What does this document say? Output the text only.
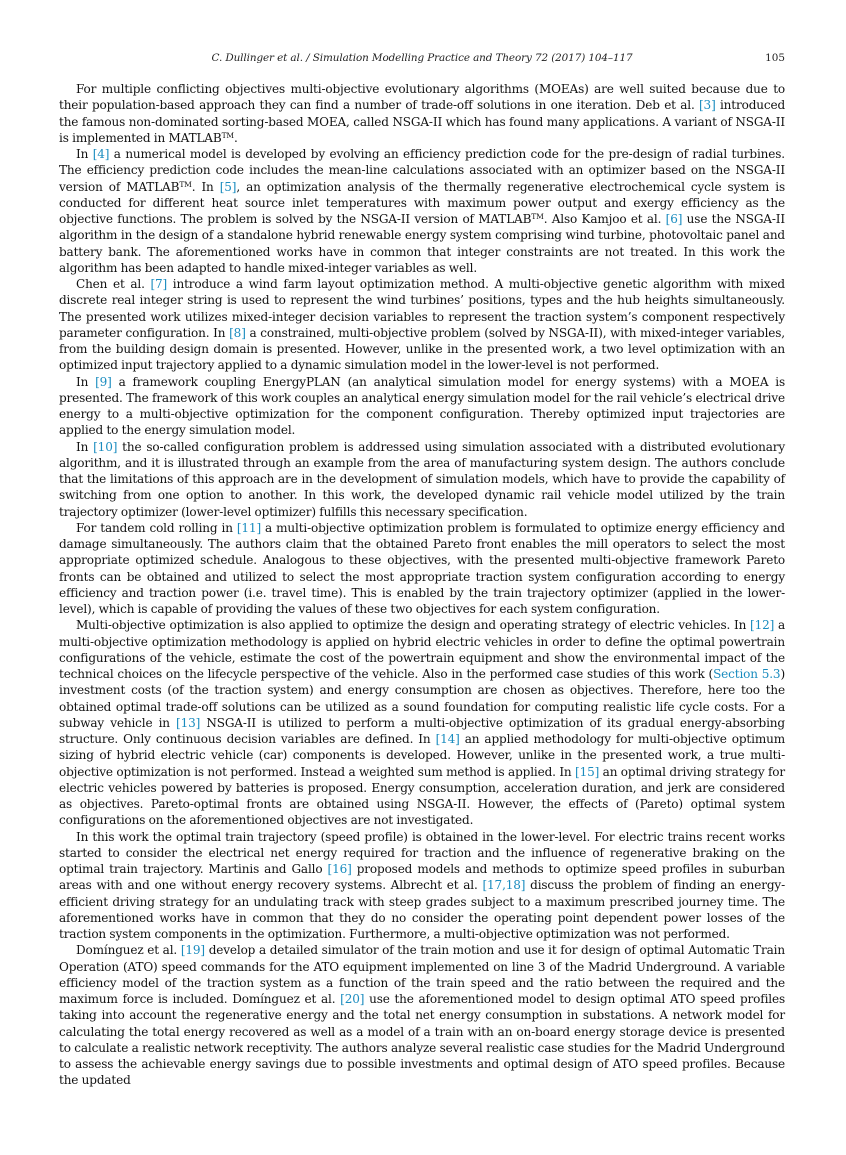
C. Dullinger et al. / Simulation Modelling Practice and Theory 72 (2017) 104–117	105

For multiple conflicting objectives multi-objective evolutionary algorithms (MOEAs) are well suited because due to their population-based approach they can find a number of trade-off solutions in one iteration. Deb et al. [3] introduced the famous non-dominated sorting-based MOEA, called NSGA-II which has found many applications. A variant of NSGA-II is implemented in MATLAB™.

In [4] a numerical model is developed by evolving an efficiency prediction code for the pre-design of radial turbines. The efficiency prediction code includes the mean-line calculations associated with an optimizer based on the NSGA-II version of MATLAB™. In [5], an optimization analysis of the thermally regenerative electrochemical cycle system is conducted for different heat source inlet temperatures with maximum power output and exergy efficiency as the objective functions. The problem is solved by the NSGA-II version of MATLAB™. Also Kamjoo et al. [6] use the NSGA-II algorithm in the design of a standalone hybrid renewable energy system comprising wind turbine, photovoltaic panel and battery bank. The aforementioned works have in common that integer constraints are not treated. In this work the algorithm has been adapted to handle mixed-integer variables as well.

Chen et al. [7] introduce a wind farm layout optimization method. A multi-objective genetic algorithm with mixed discrete real integer string is used to represent the wind turbines’ positions, types and the hub heights simultaneously. The presented work utilizes mixed-integer decision variables to represent the traction system’s component respectively parameter configuration. In [8] a constrained, multi-objective problem (solved by NSGA-II), with mixed-integer variables, from the building design domain is presented. However, unlike in the presented work, a two level optimization with an optimized input trajectory applied to a dynamic simulation model in the lower-level is not performed.

In [9] a framework coupling EnergyPLAN (an analytical simulation model for energy systems) with a MOEA is presented. The framework of this work couples an analytical energy simulation model for the rail vehicle’s electrical drive energy to a multi-objective optimization for the component configuration. Thereby optimized input trajectories are applied to the energy simulation model.

In [10] the so-called configuration problem is addressed using simulation associated with a distributed evolutionary algorithm, and it is illustrated through an example from the area of manufacturing system design. The authors conclude that the limitations of this approach are in the development of simulation models, which have to provide the capability of switching from one option to another. In this work, the developed dynamic rail vehicle model utilized by the train trajectory optimizer (lower-level optimizer) fulfills this necessary specification.

For tandem cold rolling in [11] a multi-objective optimization problem is formulated to optimize energy efficiency and damage simultaneously. The authors claim that the obtained Pareto front enables the mill operators to select the most appropriate optimized schedule. Analogous to these objectives, with the presented multi-objective framework Pareto fronts can be obtained and utilized to select the most appropriate traction system configuration according to energy efficiency and traction power (i.e. travel time). This is enabled by the train trajectory optimizer (applied in the lower-level), which is capable of providing the values of these two objectives for each system configuration.

Multi-objective optimization is also applied to optimize the design and operating strategy of electric vehicles. In [12] a multi-objective optimization methodology is applied on hybrid electric vehicles in order to define the optimal powertrain configurations of the vehicle, estimate the cost of the powertrain equipment and show the environmental impact of the technical choices on the lifecycle perspective of the vehicle. Also in the performed case studies of this work (Section 5.3) investment costs (of the traction system) and energy consumption are chosen as objectives. Therefore, here too the obtained optimal trade-off solutions can be utilized as a sound foundation for computing realistic life cycle costs. For a subway vehicle in [13] NSGA-II is utilized to perform a multi-objective optimization of its gradual energy-absorbing structure. Only continuous decision variables are defined. In [14] an applied methodology for multi-objective optimum sizing of hybrid electric vehicle (car) components is developed. However, unlike in the presented work, a true multi-objective optimization is not performed. Instead a weighted sum method is applied. In [15] an optimal driving strategy for electric vehicles powered by batteries is proposed. Energy consumption, acceleration duration, and jerk are considered as objectives. Pareto-optimal fronts are obtained using NSGA-II. However, the effects of (Pareto) optimal system configurations on the aforementioned objectives are not investigated.

In this work the optimal train trajectory (speed profile) is obtained in the lower-level. For electric trains recent works started to consider the electrical net energy required for traction and the influence of regenerative braking on the optimal train trajectory. Martinis and Gallo [16] proposed models and methods to optimize speed profiles in suburban areas with and one without energy recovery systems. Albrecht et al. [17,18] discuss the problem of finding an energy-efficient driving strategy for an undulating track with steep grades subject to a maximum prescribed journey time. The aforementioned works have in common that they do no consider the operating point dependent power losses of the traction system components in the optimization. Furthermore, a multi-objective optimization was not performed.

Domínguez et al. [19] develop a detailed simulator of the train motion and use it for design of optimal Automatic Train Operation (ATO) speed commands for the ATO equipment implemented on line 3 of the Madrid Underground. A variable efficiency model of the traction system as a function of the train speed and the ratio between the required and the maximum force is included. Domínguez et al. [20] use the aforementioned model to design optimal ATO speed profiles taking into account the regenerative energy and the total net energy consumption in substations. A network model for calculating the total energy recovered as well as a model of a train with an on-board energy storage device is presented to calculate a realistic network receptivity. The authors analyze several realistic case studies for the Madrid Underground to assess the achievable energy savings due to possible investments and optimal design of ATO speed profiles. Because the updated
